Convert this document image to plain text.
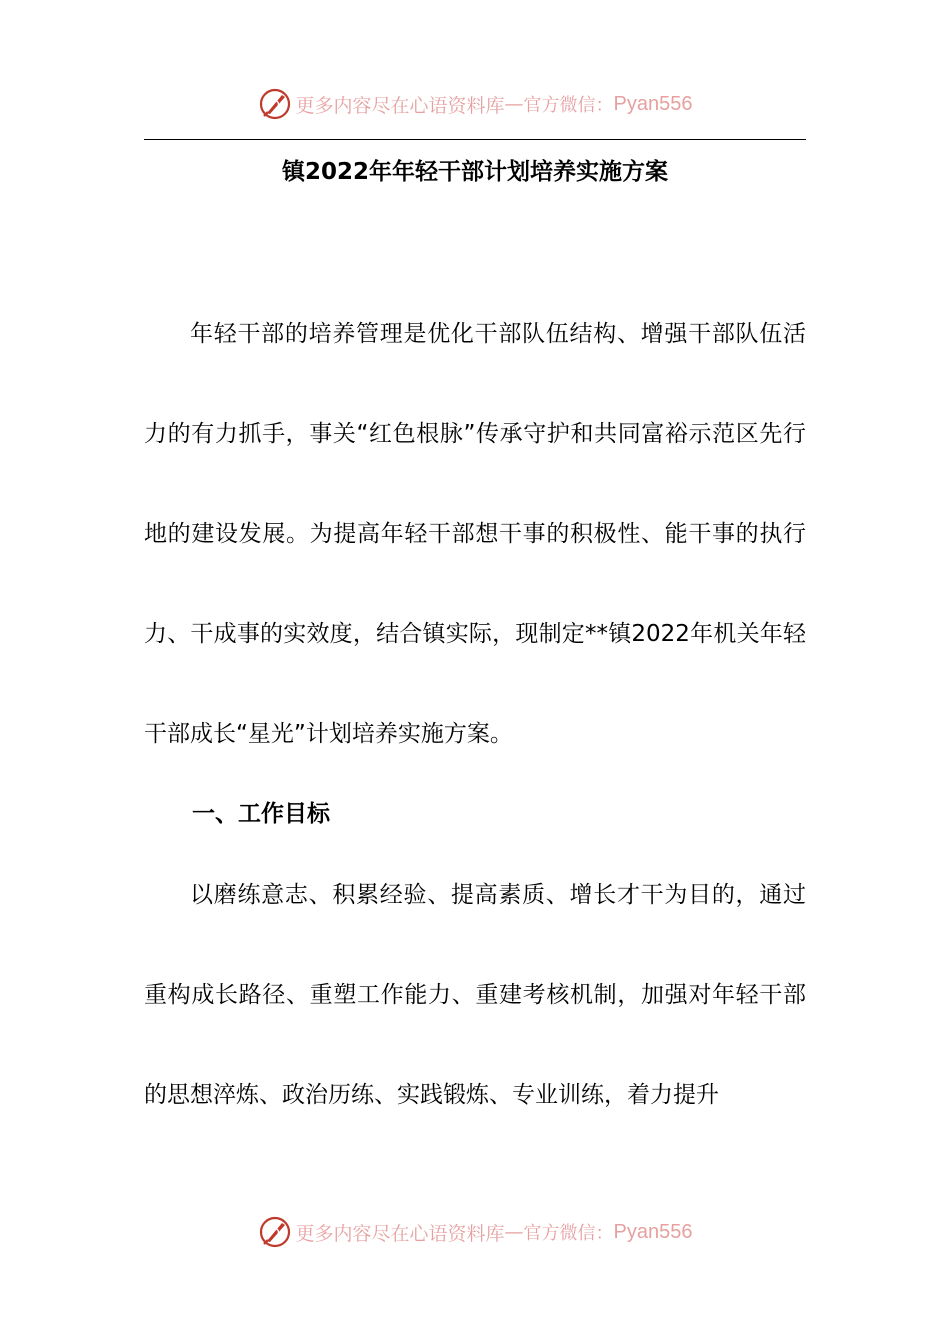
更多内容尽在心语资料库 — 官方微信： Pyan556
镇2022年年轻干部计划培养实施方案

年轻干部的培养管理是优化干部队伍结构、增强干部队伍活力的有力抓手，事关“红色根脉”传承守护和共同富裕示范区先行地的建设发展。为提高年轻干部想干事的积极性、能干事的执行力、干成事的实效度，结合镇实际，现制定**镇2022年机关年轻干部成长“星光”计划培养实施方案。

一、工作目标

以磨练意志、积累经验、提高素质、增长才干为目的，通过重构成长路径、重塑工作能力、重建考核机制，加强对年轻干部的思想淬炼、政治历练、实践锻炼、专业训练，着力提升

更多内容尽在心语资料库 — 官方微信： Pyan556
